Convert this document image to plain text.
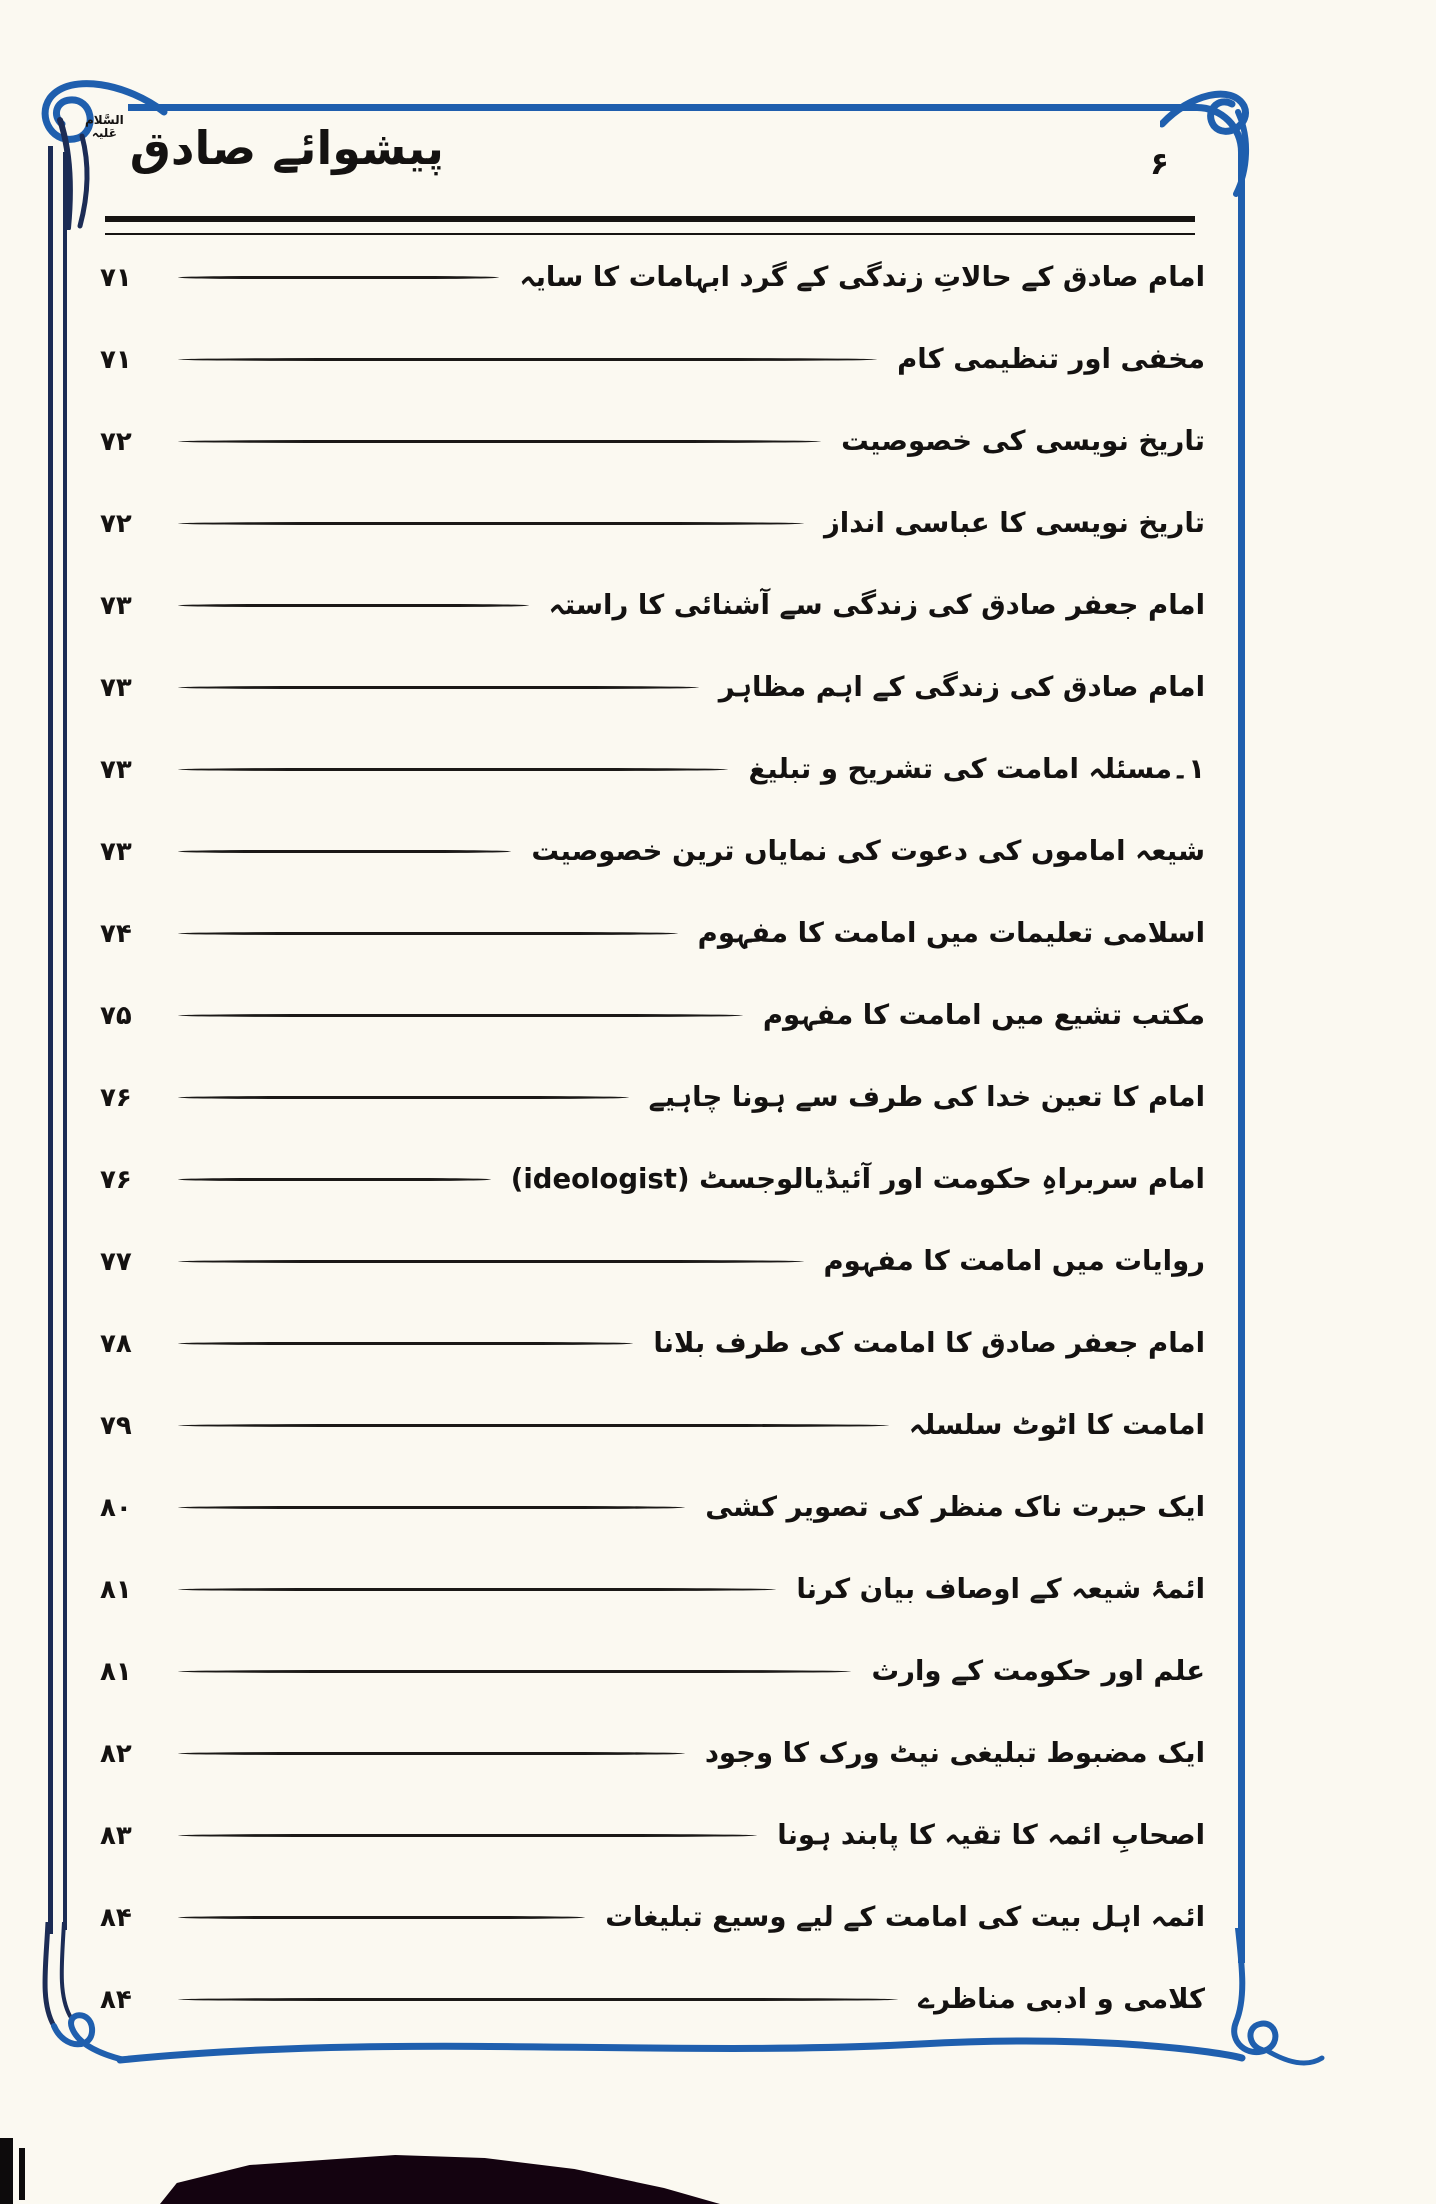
پیشوائے صادق
السَّلام
عَلیہ
۶
امام صادق کے حالاتِ زندگی کے گرد ابہامات کا سایہ
۷۱
مخفی اور تنظیمی کام
۷۱
تاریخ نویسی کی خصوصیت
۷۲
تاریخ نویسی کا عباسی انداز
۷۲
امام جعفر صادق کی زندگی سے آشنائی کا راستہ
۷۳
امام صادق کی زندگی کے اہم مظاہر
۷۳
۱۔مسئلہ امامت کی تشریح و تبلیغ
۷۳
شیعہ اماموں کی دعوت کی نمایاں ترین خصوصیت
۷۳
اسلامی تعلیمات میں امامت کا مفہوم
۷۴
مکتب تشیع میں امامت کا مفہوم
۷۵
امام کا تعین خدا کی طرف سے ہونا چاہیے
۷۶
امام سربراہِ حکومت اور آئیڈیالوجسٹ (ideologist)
۷۶
روایات میں امامت کا مفہوم
۷۷
امام جعفر صادق کا امامت کی طرف بلانا
۷۸
امامت کا اٹوٹ سلسلہ
۷۹
ایک حیرت ناک منظر کی تصویر کشی
۸۰
ائمۂ شیعہ کے اوصاف بیان کرنا
۸۱
علم اور حکومت کے وارث
۸۱
ایک مضبوط تبلیغی نیٹ ورک کا وجود
۸۲
اصحابِ ائمہ کا تقیہ کا پابند ہونا
۸۳
ائمہ اہل بیت کی امامت کے لیے وسیع تبلیغات
۸۴
کلامی و ادبی مناظرے
۸۴
